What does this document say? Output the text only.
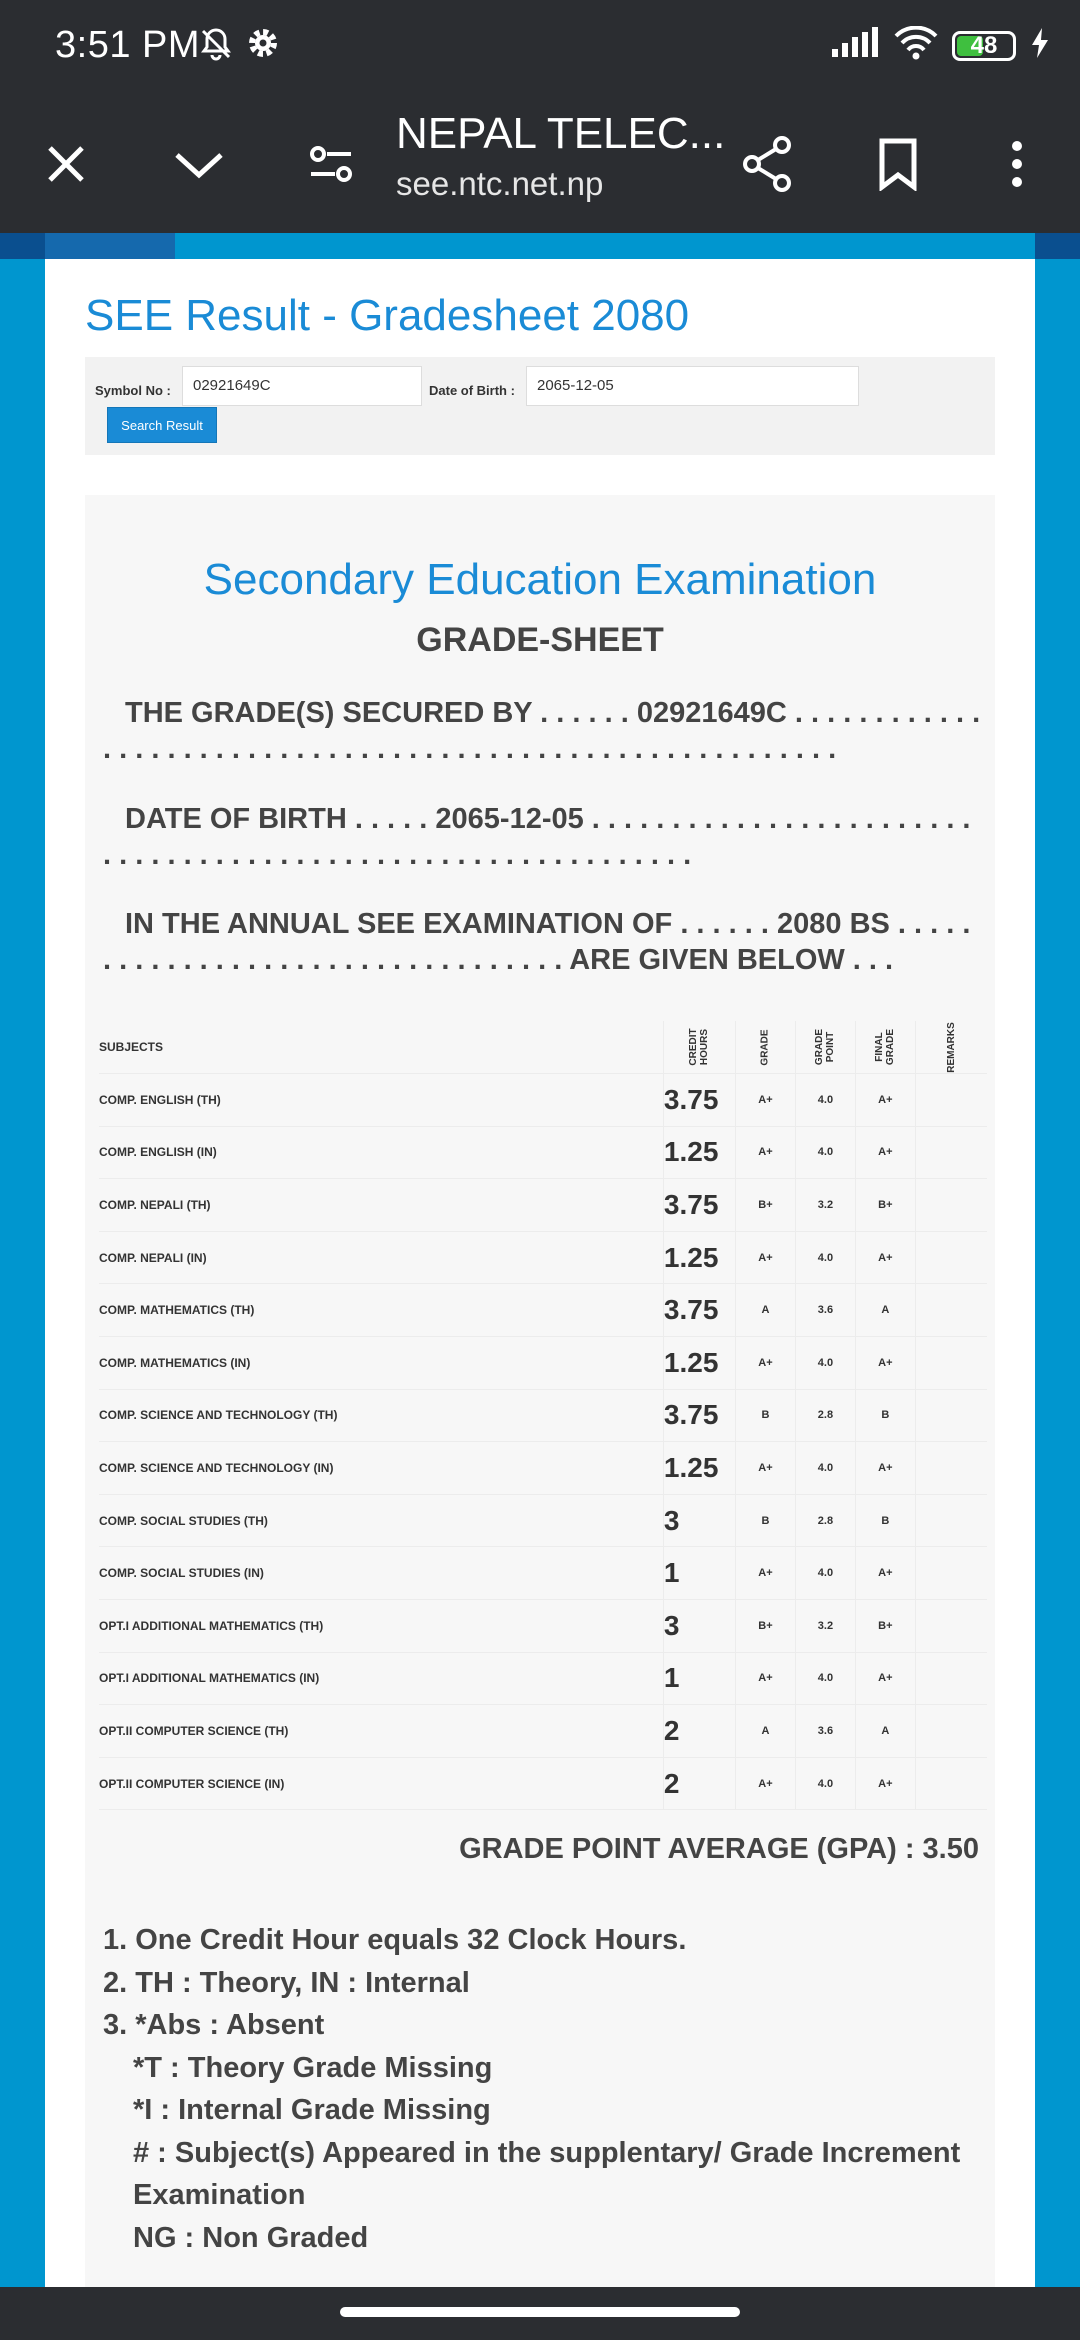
3:51 PM	48
NEPAL TELEC...
see.ntc.net.np
SEE Result - Gradesheet 2080
Symbol No :	02921649C	Date of Birth :	2065-12-05
Search Result
Secondary Education Examination
GRADE-SHEET
THE GRADE(S) SECURED BY . . . . . . 02921649C . . . . . . . . . . . . . . . . . . . . . . . . . . . . . . . . . . . . . . . . . . . . . . . . . . . . . . . . . .
DATE OF BIRTH . . . . . 2065-12-05 . . . . . . . . . . . . . . . . . . . . . . . . . . . . . . . . . . . . . . . . . . . . . . . . . . . . . . . . . . . . .
IN THE ANNUAL SEE EXAMINATION OF . . . . . . 2080 BS . . . . . . . . . . . . . . . . . . . . . . . . . . . . . . . . . . ARE GIVEN BELOW . . .
SUBJECTS	CREDIT HOURS	GRADE	GRADE POINT	FINAL GRADE	REMARKS

COMP. ENGLISH (TH)	3.75	A+	4.0	A+	
COMP. ENGLISH (IN)	1.25	A+	4.0	A+	
COMP. NEPALI (TH)	3.75	B+	3.2	B+	
COMP. NEPALI (IN)	1.25	A+	4.0	A+	
COMP. MATHEMATICS (TH)	3.75	A	3.6	A	
COMP. MATHEMATICS (IN)	1.25	A+	4.0	A+	
COMP. SCIENCE AND TECHNOLOGY (TH)	3.75	B	2.8	B	
COMP. SCIENCE AND TECHNOLOGY (IN)	1.25	A+	4.0	A+	
COMP. SOCIAL STUDIES (TH)	3	B	2.8	B	
COMP. SOCIAL STUDIES (IN)	1	A+	4.0	A+	
OPT.I ADDITIONAL MATHEMATICS (TH)	3	B+	3.2	B+	
OPT.I ADDITIONAL MATHEMATICS (IN)	1	A+	4.0	A+	
OPT.II COMPUTER SCIENCE (TH)	2	A	3.6	A	
OPT.II COMPUTER SCIENCE (IN)	2	A+	4.0	A+	
GRADE POINT AVERAGE (GPA) : 3.50
1. One Credit Hour equals 32 Clock Hours.
2. TH : Theory, IN : Internal
3. *Abs : Absent
*T : Theory Grade Missing
*I : Internal Grade Missing
# : Subject(s) Appeared in the supplentary/ Grade Increment Examination
NG : Non Graded
